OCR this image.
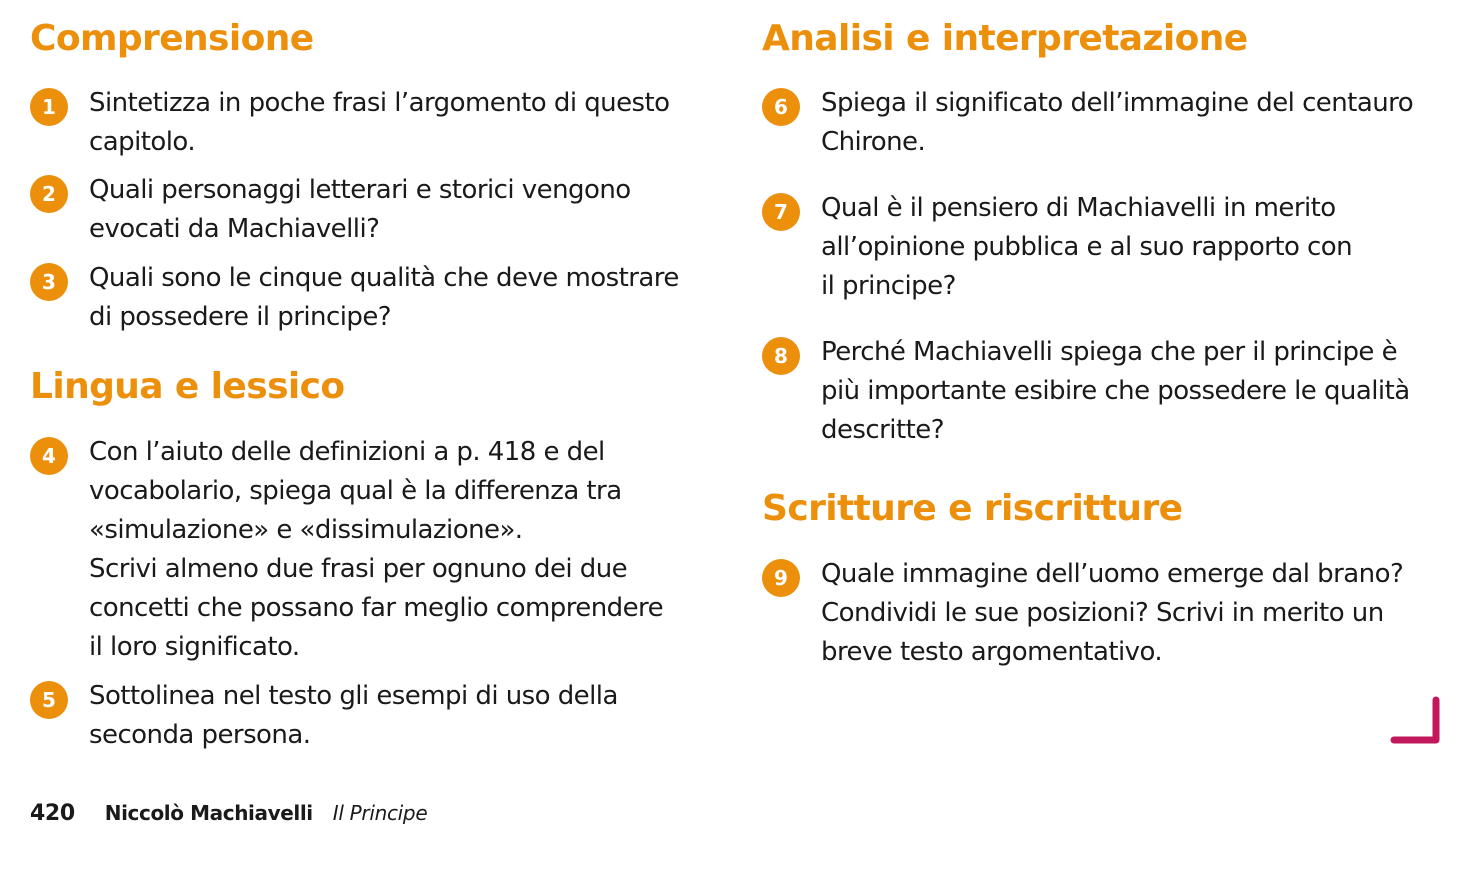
Comprensione
1	Sintetizza in poche frasi l’argomento di questo
capitolo.
2	Quali personaggi letterari e storici vengono
evocati da Machiavelli?
3	Quali sono le cinque qualità che deve mostrare
di possedere il principe?
Lingua e lessico
4	Con l’aiuto delle definizioni a p. 418 e del
vocabolario, spiega qual è la differenza tra
«simulazione» e «dissimulazione».
Scrivi almeno due frasi per ognuno dei due
concetti che possano far meglio comprendere
il loro significato.
5	Sottolinea nel testo gli esempi di uso della
seconda persona.
Analisi e interpretazione
6	Spiega il significato dell’immagine del centauro
Chirone.
7	Qual è il pensiero di Machiavelli in merito
all’opinione pubblica e al suo rapporto con
il principe?
8	Perché Machiavelli spiega che per il principe è
più importante esibire che possedere le qualità
descritte?
Scritture e riscritture
9	Quale immagine dell’uomo emerge dal brano?
Condividi le sue posizioni? Scrivi in merito un
breve testo argomentativo.
420 Niccolò Machiavelli Il Principe
